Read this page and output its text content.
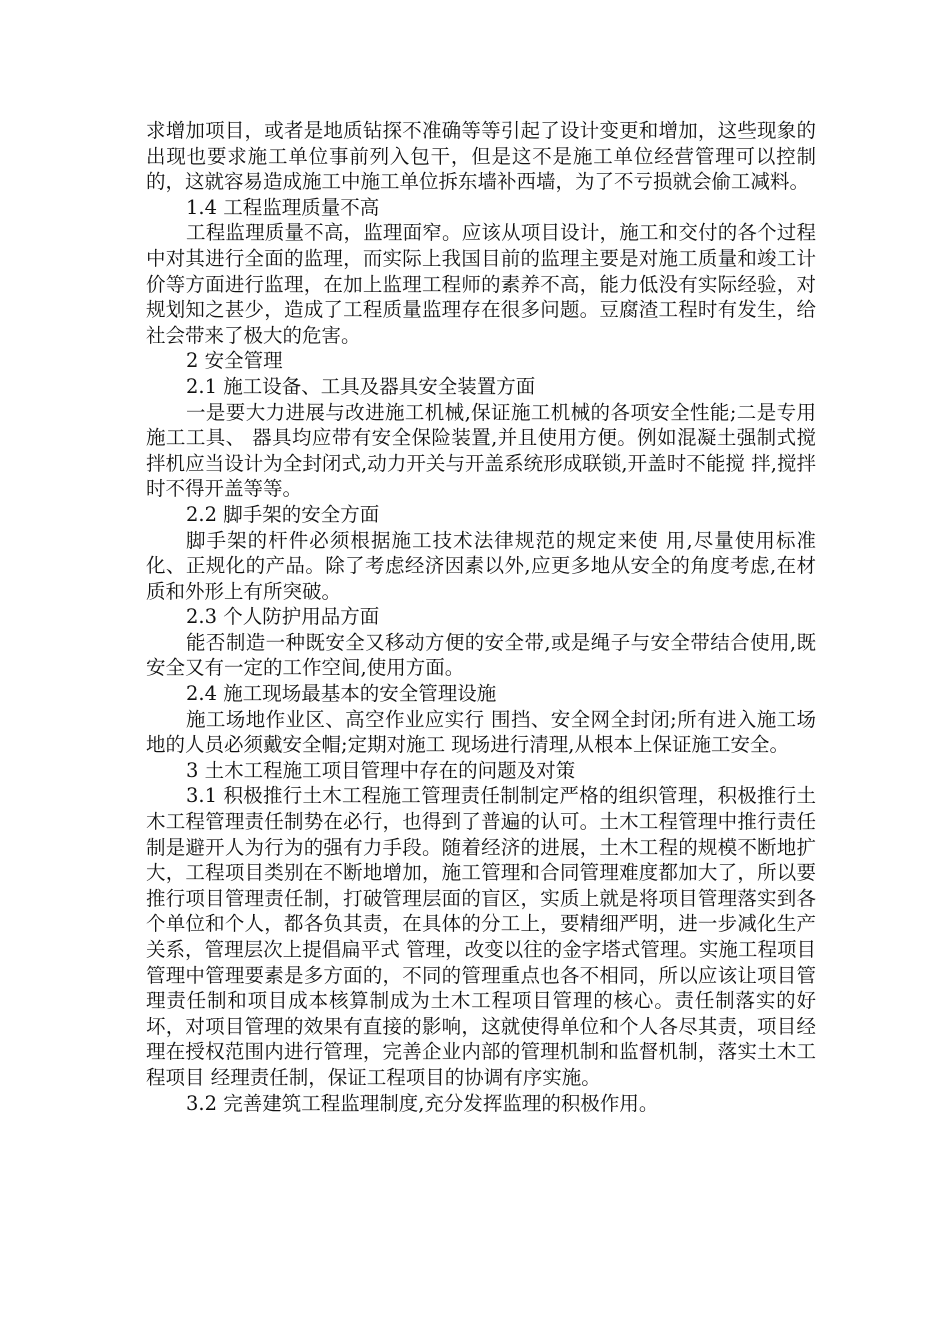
求增加项目，或者是地质钻探不准确等等引起了设计变更和增加，这些现象的出现也要求施工单位事前列入包干，但是这不是施工单位经营管理可以控制的，这就容易造成施工中施工单位拆东墙补西墙，为了不亏损就会偷工减料。

1.4 工程监理质量不高

工程监理质量不高，监理面窄。应该从项目设计，施工和交付的各个过程中对其进行全面的监理，而实际上我国目前的监理主要是对施工质量和竣工计价等方面进行监理，在加上监理工程师的素养不高，能力低没有实际经验，对规划知之甚少，造成了工程质量监理存在很多问题。豆腐渣工程时有发生，给社会带来了极大的危害。

2 安全管理

2.1 施工设备、工具及器具安全装置方面

一是要大力进展与改进施工机械,保证施工机械的各项安全性能;二是专用施工工具、 器具均应带有安全保险装置,并且使用方便。例如混凝土强制式搅拌机应当设计为全封闭式,动力开关与开盖系统形成联锁,开盖时不能搅 拌,搅拌时不得开盖等等。

2.2 脚手架的安全方面

脚手架的杆件必须根据施工技术法律规范的规定来使 用,尽量使用标准化、正规化的产品。除了考虑经济因素以外,应更多地从安全的角度考虑,在材质和外形上有所突破。

2.3 个人防护用品方面

能否制造一种既安全又移动方便的安全带,或是绳子与安全带结合使用,既安全又有一定的工作空间,使用方面。

2.4 施工现场最基本的安全管理设施

施工场地作业区、高空作业应实行 围挡、安全网全封闭;所有进入施工场地的人员必须戴安全帽;定期对施工 现场进行清理,从根本上保证施工安全。

3 土木工程施工项目管理中存在的问题及对策

3.1 积极推行土木工程施工管理责任制制定严格的组织管理，积极推行土木工程管理责任制势在必行，也得到了普遍的认可。土木工程管理中推行责任制是避开人为行为的强有力手段。随着经济的进展，土木工程的规模不断地扩大，工程项目类别在不断地增加，施工管理和合同管理难度都加大了，所以要推行项目管理责任制，打破管理层面的盲区，实质上就是将项目管理落实到各个单位和个人，都各负其责，在具体的分工上，要精细严明，进一步减化生产关系，管理层次上提倡扁平式 管理，改变以往的金字塔式管理。实施工程项目管理中管理要素是多方面的，不同的管理重点也各不相同，所以应该让项目管理责任制和项目成本核算制成为土木工程项目管理的核心。责任制落实的好坏，对项目管理的效果有直接的影响，这就使得单位和个人各尽其责，项目经理在授权范围内进行管理，完善企业内部的管理机制和监督机制，落实土木工程项目 经理责任制，保证工程项目的协调有序实施。

3.2 完善建筑工程监理制度,充分发挥监理的积极作用。
